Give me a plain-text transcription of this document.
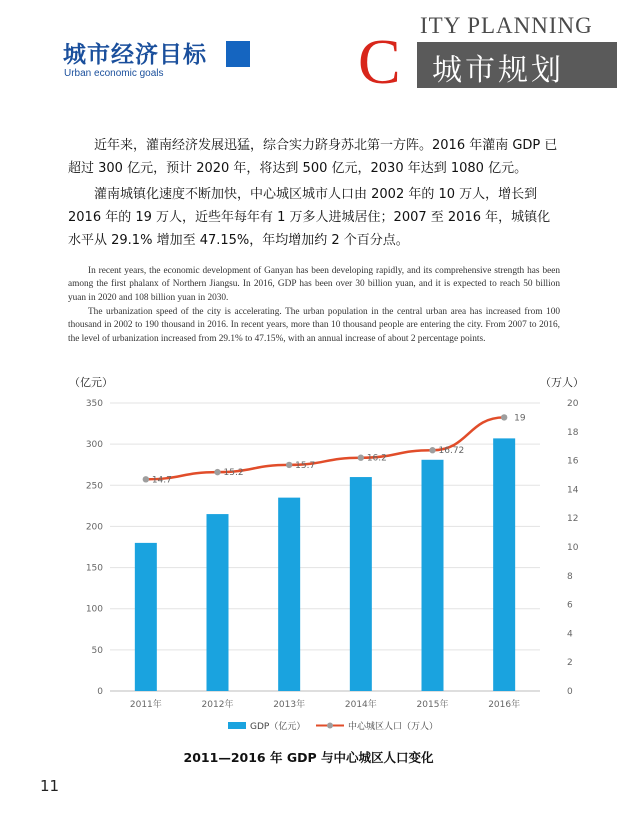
城市经济目标
Urban economic goals
ITY PLANNING
城市规划
C

近年来，灌南经济发展迅猛，综合实力跻身苏北第一方阵。2016 年灌南 GDP 已超过 300 亿元，预计 2020 年，将达到 500 亿元，2030 年达到 1080 亿元。

灌南城镇化速度不断加快，中心城区城市人口由 2002 年的 10 万人，增长到 2016 年的 19 万人，近些年每年有 1 万多人进城居住；2007 至 2016 年，城镇化水平从 29.1% 增加至 47.15%，年均增加约 2 个百分点。

In recent years, the economic development of Ganyan has been developing rapidly, and its comprehensive strength has been among the first phalanx of Northern Jiangsu. In 2016, GDP has been over 30 billion yuan, and it is expected to reach 50 billion yuan in 2020 and 108 billion yuan in 2030.

The urbanization speed of the city is accelerating. The urban population in the central urban area has increased from 100 thousand in 2002 to 190 thousand in 2016. In recent years, more than 10 thousand people are entering the city. From 2007 to 2016, the level of urbanization increased from 29.1% to 47.15%, with an annual increase of about 2 percentage points.

0
50
100
150
200
250
300
350
0
2
4
6
8
10
12
14
16
18
20
14.7
15.2
15.7
16.2
16.72
19
2011年	2012年	2013年	2014年	2015年	2016年
（亿元）	（万人）
GDP（亿元）	中心城区人口（万人）
2011—2016 年 GDP 与中心城区人口变化
11
